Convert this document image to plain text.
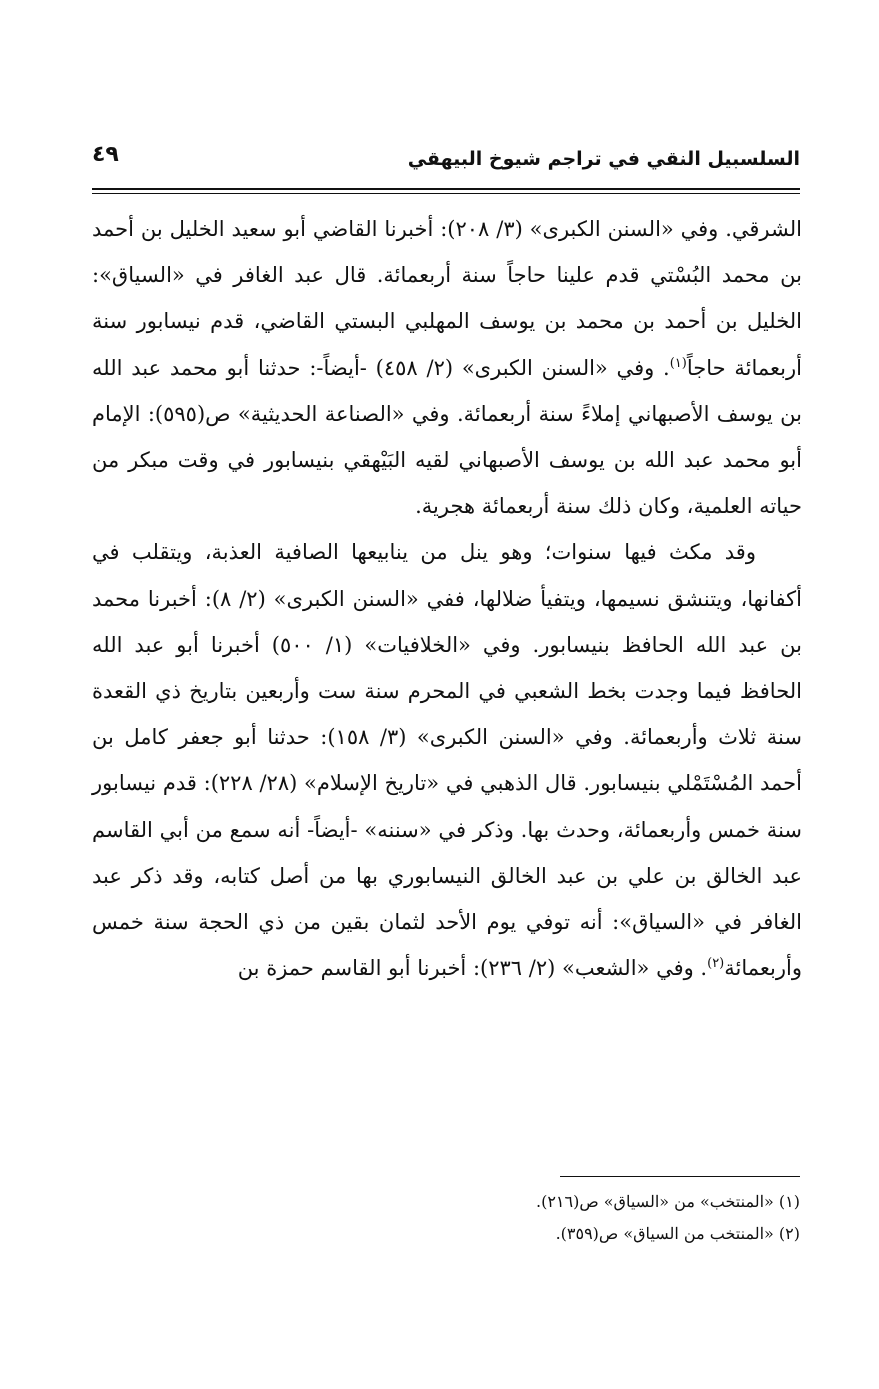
السلسبيل النقي في تراجم شيوخ البيهقي
٤٩

الشرقي. وفي «السنن الكبرى» (٣/ ٢٠٨): أخبرنا القاضي أبو سعيد الخليل بن أحمد بن محمد البُسْتي قدم علينا حاجاً سنة أربعمائة. قال عبد الغافر في «السياق»: الخليل بن أحمد بن محمد بن يوسف المهلبي البستي القاضي، قدم نيسابور سنة أربعمائة حاجاً$^{(١)}$. وفي «السنن الكبرى» (٢/ ٤٥٨) -أيضاً-: حدثنا أبو محمد عبد الله بن يوسف الأصبهاني إملاءً سنة أربعمائة. وفي «الصناعة الحديثية» ص(٥٩٥): الإمام أبو محمد عبد الله بن يوسف الأصبهاني لقيه البَيْهقي بنيسابور في وقت مبكر من حياته العلمية، وكان ذلك سنة أربعمائة هجرية.

وقد مكث فيها سنوات؛ وهو ينل من ينابيعها الصافية العذبة، ويتقلب في أكفانها، ويتنشق نسيمها، ويتفيأ ضلالها، ففي «السنن الكبرى» (٢/ ٨): أخبرنا محمد بن عبد الله الحافظ بنيسابور. وفي «الخلافيات» (١/ ٥٠٠) أخبرنا أبو عبد الله الحافظ فيما وجدت بخط الشعبي في المحرم سنة ست وأربعين بتاريخ ذي القعدة سنة ثلاث وأربعمائة. وفي «السنن الكبرى» (٣/ ١٥٨): حدثنا أبو جعفر كامل بن أحمد المُسْتَمْلي بنيسابور. قال الذهبي في «تاريخ الإسلام» (٢٨/ ٢٢٨): قدم نيسابور سنة خمس وأربعمائة، وحدث بها. وذكر في «سننه» -أيضاً- أنه سمع من أبي القاسم عبد الخالق بن علي بن عبد الخالق النيسابوري بها من أصل كتابه، وقد ذكر عبد الغافر في «السياق»: أنه توفي يوم الأحد لثمان بقين من ذي الحجة سنة خمس وأربعمائة$^{(٢)}$. وفي «الشعب» (٢/ ٢٣٦): أخبرنا أبو القاسم حمزة بن

(١) «المنتخب» من «السياق» ص(٢١٦).
(٢) «المنتخب من السياق» ص(٣٥٩).
